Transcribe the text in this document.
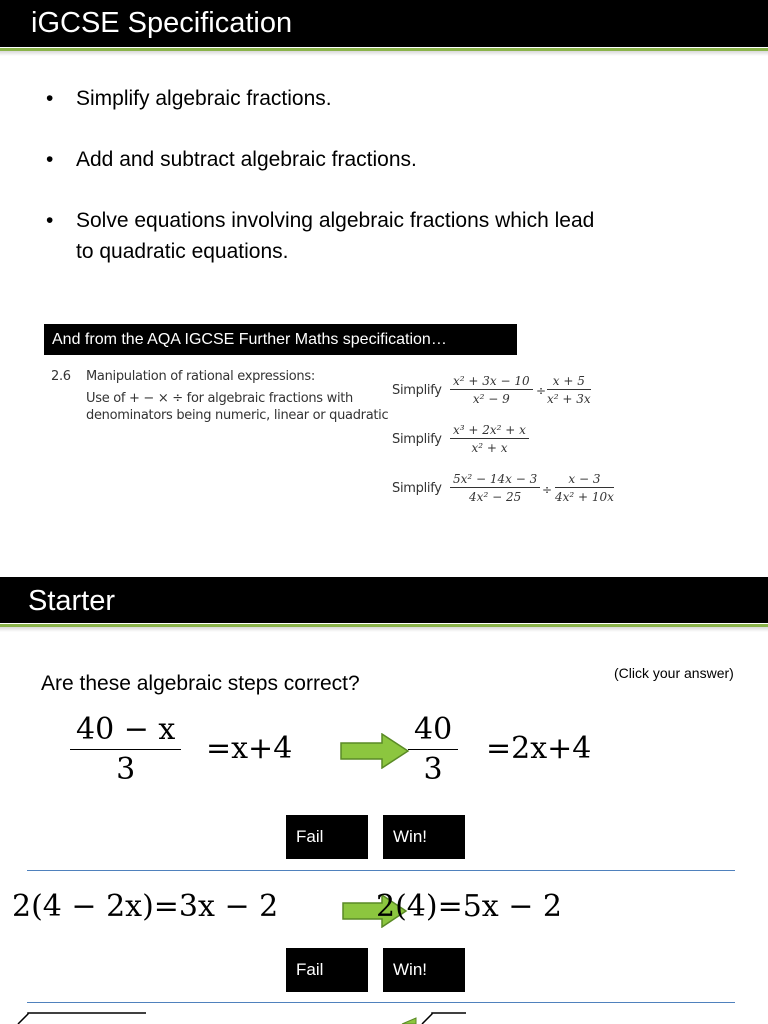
iGCSE Specification
• Simplify algebraic fractions.
• Add and subtract algebraic fractions.
• Solve equations involving algebraic fractions which lead
to quadratic equations.
And from the AQA IGCSE Further Maths specification…
2.6 Manipulation of rational expressions:
Use of + − × ÷ for algebraic fractions with
denominators being numeric, linear or quadratic
Simplify $\frac{\text{x² + 3x − 10}}{\text{x² − 9}} \div \frac{x + 5}{\text{x² + 3x}}$
Simplify $\frac{\text{x³ + 2x² + x}}{\text{x² + x}}$
Simplify $\frac{\text{5x² − 14x − 3}}{\text{4x² − 25}} \div \frac{x - 3}{\text{4x² + 10x}}$
Starter
Are these algebraic steps correct?	(Click your answer)
$\frac{40 - x}{3} =x+4$	$\frac{40}{3} =2x+4$
Fail	Win!
2(4 − 2x)=3x − 2	2(4)=5x − 2
Fail	Win!
